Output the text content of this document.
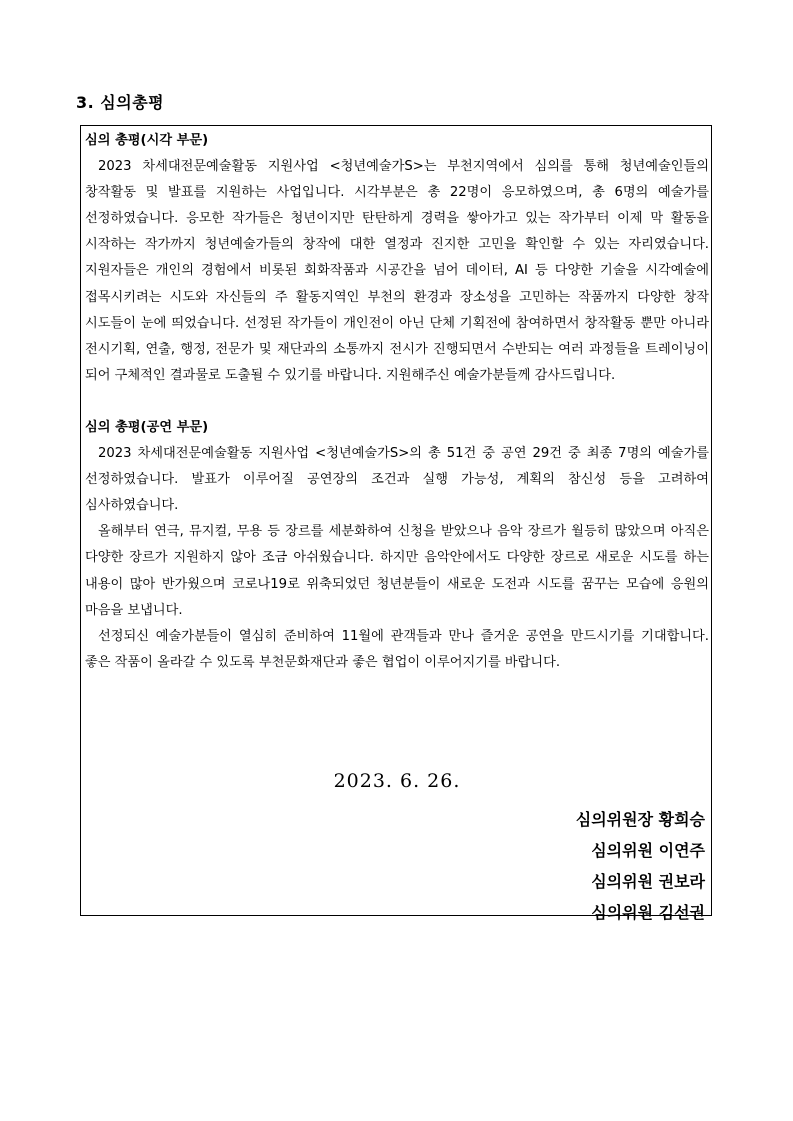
3. 심의총평

심의 총평(시각 부문)

2023 차세대전문예술활동 지원사업 <청년예술가S>는 부천지역에서 심의를 통해 청년예술인들의 창작활동 및 발표를 지원하는 사업입니다. 시각부분은 총 22명이 응모하였으며, 총 6명의 예술가를 선정하였습니다. 응모한 작가들은 청년이지만 탄탄하게 경력을 쌓아가고 있는 작가부터 이제 막 활동을 시작하는 작가까지 청년예술가들의 창작에 대한 열정과 진지한 고민을 확인할 수 있는 자리였습니다. 지원자들은 개인의 경험에서 비롯된 회화작품과 시공간을 넘어 데이터, AI 등 다양한 기술을 시각예술에 접목시키려는 시도와 자신들의 주 활동지역인 부천의 환경과 장소성을 고민하는 작품까지 다양한 창작 시도들이 눈에 띄었습니다. 선정된 작가들이 개인전이 아닌 단체 기획전에 참여하면서 창작활동 뿐만 아니라 전시기획, 연출, 행정, 전문가 및 재단과의 소통까지 전시가 진행되면서 수반되는 여러 과정들을 트레이닝이 되어 구체적인 결과물로 도출될 수 있기를 바랍니다. 지원해주신 예술가분들께 감사드립니다.

심의 총평(공연 부문)

2023 차세대전문예술활동 지원사업 <청년예술가S>의 총 51건 중 공연 29건 중 최종 7명의 예술가를 선정하였습니다. 발표가 이루어질 공연장의 조건과 실행 가능성, 계획의 참신성 등을 고려하여 심사하였습니다.

올해부터 연극, 뮤지컬, 무용 등 장르를 세분화하여 신청을 받았으나 음악 장르가 월등히 많았으며 아직은 다양한 장르가 지원하지 않아 조금 아쉬웠습니다. 하지만 음악안에서도 다양한 장르로 새로운 시도를 하는 내용이 많아 반가웠으며 코로나19로 위축되었던 청년분들이 새로운 도전과 시도를 꿈꾸는 모습에 응원의 마음을 보냅니다.

선정되신 예술가분들이 열심히 준비하여 11월에 관객들과 만나 즐거운 공연을 만드시기를 기대합니다. 좋은 작품이 올라갈 수 있도록 부천문화재단과 좋은 협업이 이루어지기를 바랍니다.

2023. 6. 26.
심의위원장 황희승
심의위원 이연주
심의위원 권보라
심의위원 김선권
